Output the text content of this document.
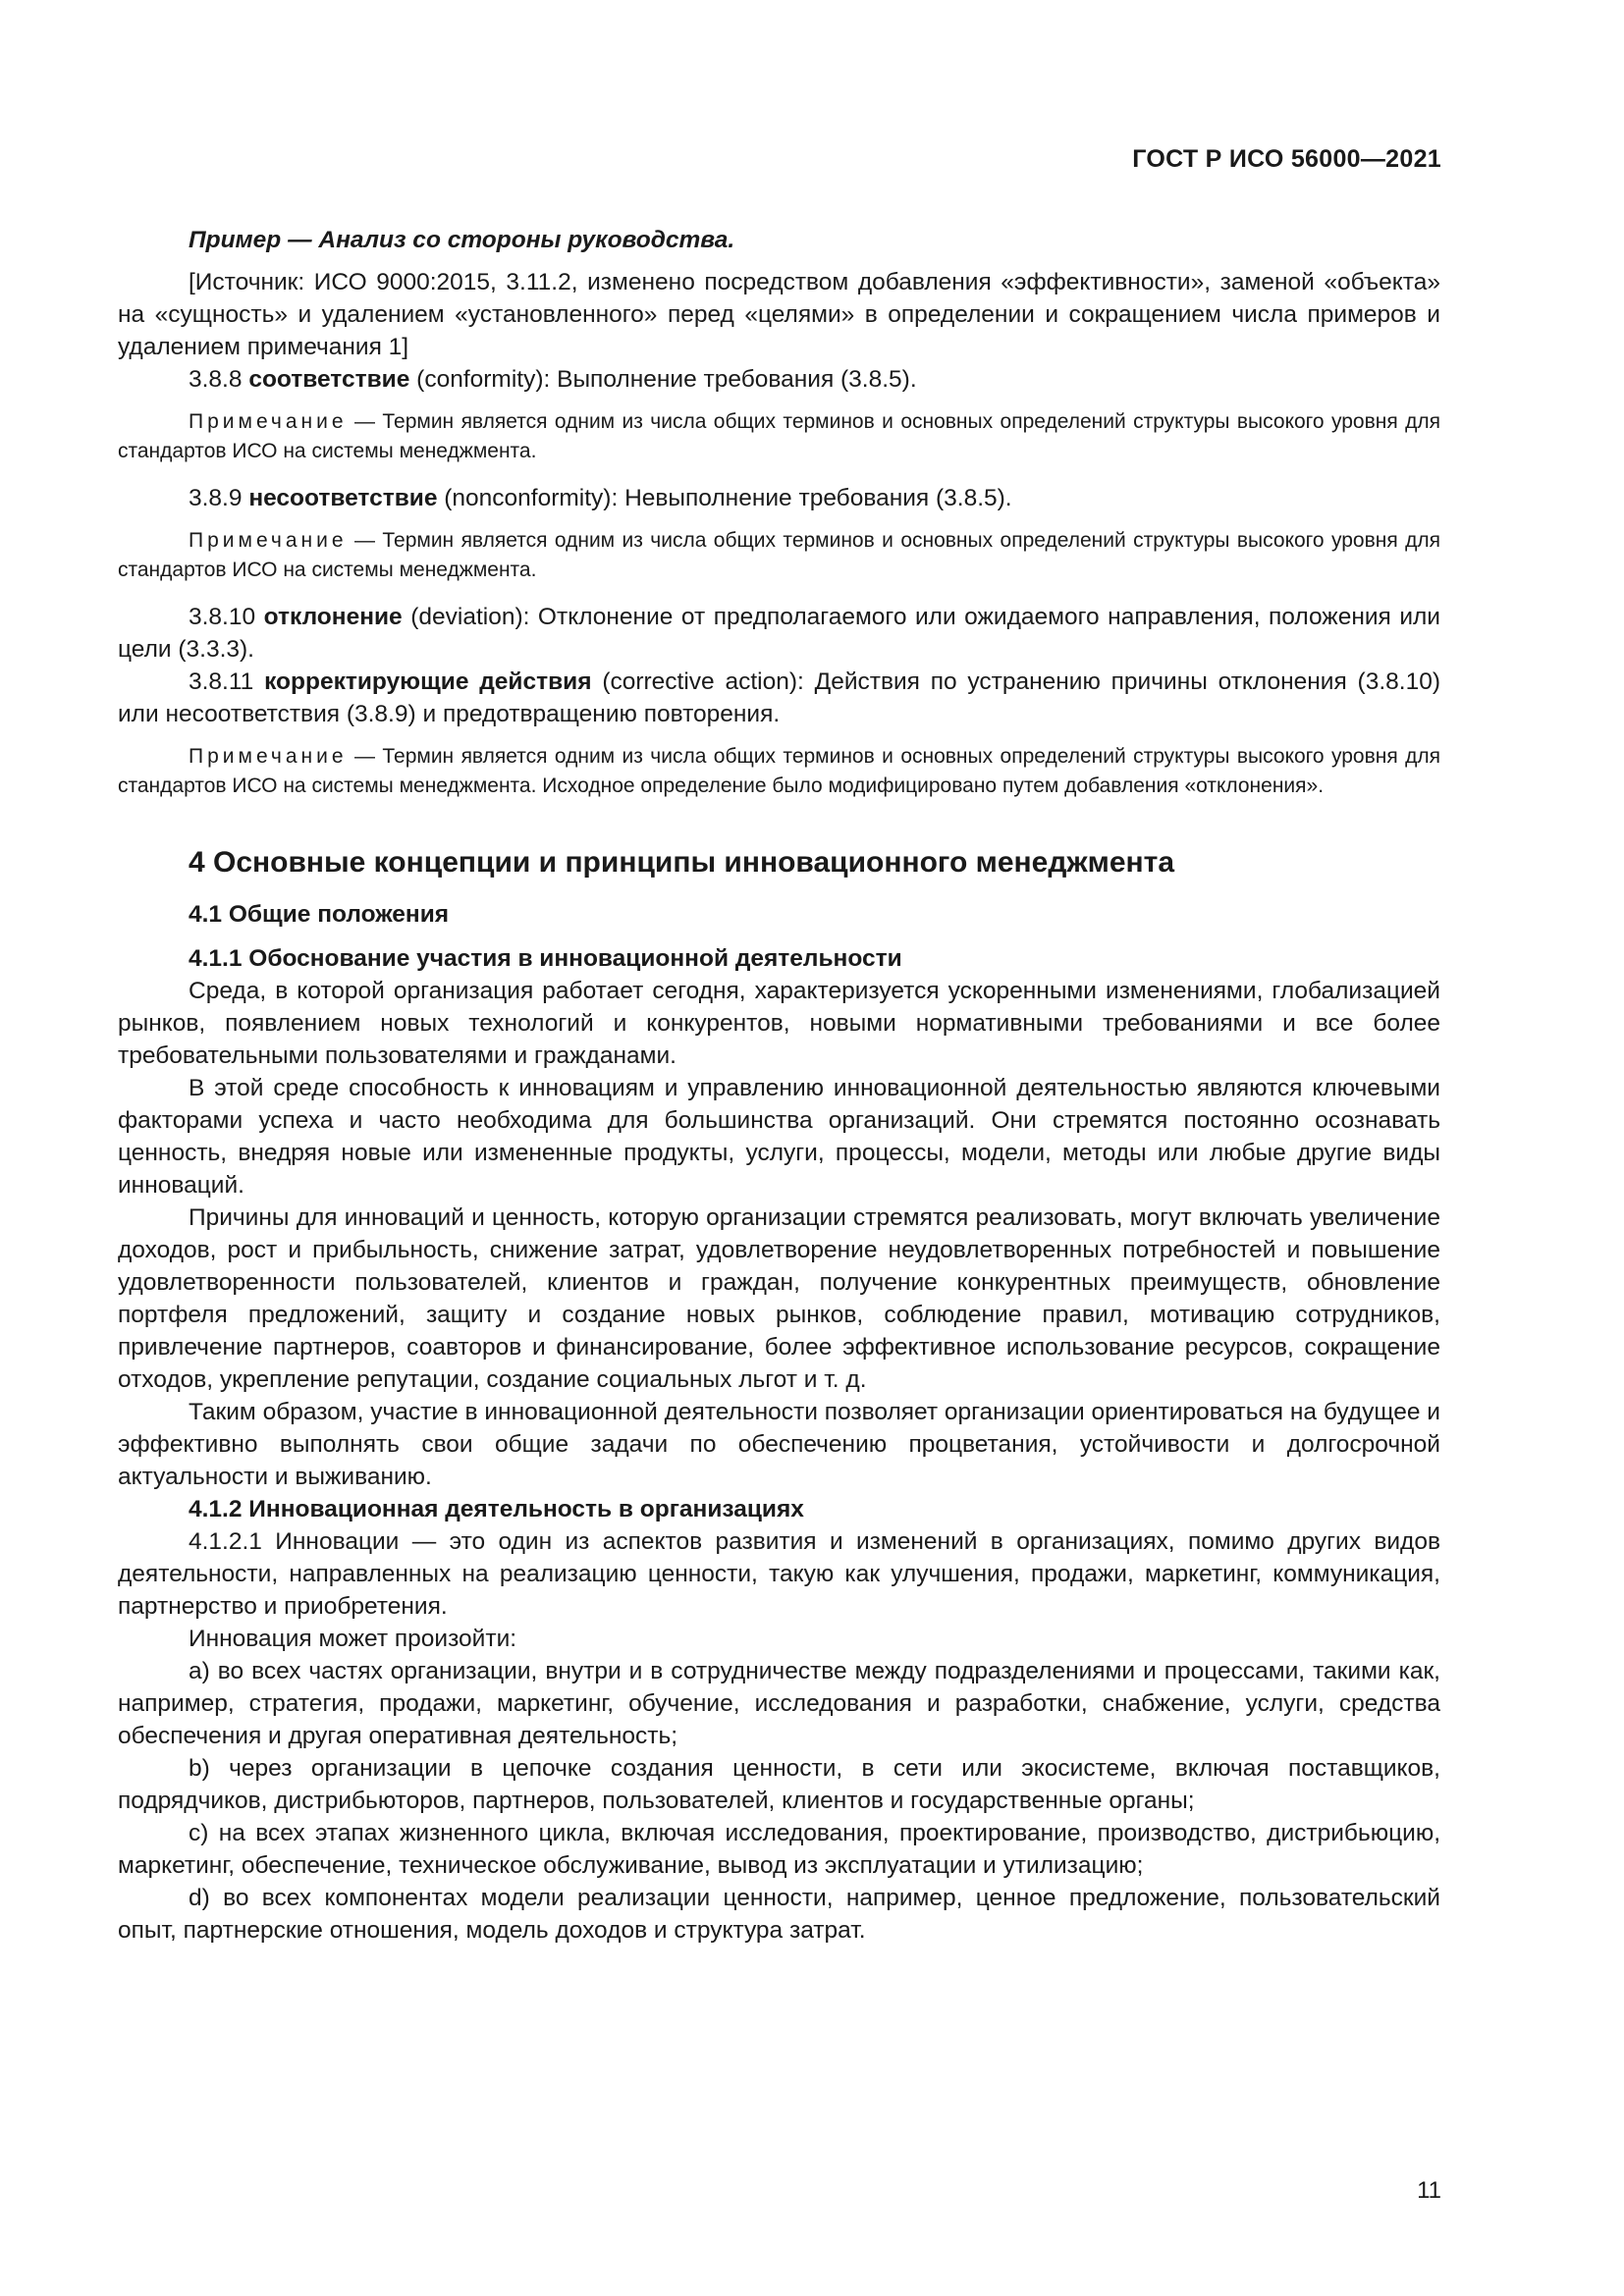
ГОСТ Р ИСО 56000—2021

Пример — Анализ со стороны руководства.

[Источник: ИСО 9000:2015, 3.11.2, изменено посредством добавления «эффективности», заменой «объекта» на «сущность» и удалением «установленного» перед «целями» в определении и сокращением числа примеров и удалением примечания 1]

3.8.8 соответствие (conformity): Выполнение требования (3.8.5).

Примечание — Термин является одним из числа общих терминов и основных определений структуры высокого уровня для стандартов ИСО на системы менеджмента.

3.8.9 несоответствие (nonconformity): Невыполнение требования (3.8.5).

Примечание — Термин является одним из числа общих терминов и основных определений структуры высокого уровня для стандартов ИСО на системы менеджмента.

3.8.10 отклонение (deviation): Отклонение от предполагаемого или ожидаемого направления, положения или цели (3.3.3).

3.8.11 корректирующие действия (corrective action): Действия по устранению причины отклонения (3.8.10) или несоответствия (3.8.9) и предотвращению повторения.

Примечание — Термин является одним из числа общих терминов и основных определений структуры высокого уровня для стандартов ИСО на системы менеджмента. Исходное определение было модифицировано путем добавления «отклонения».

4 Основные концепции и принципы инновационного менеджмента
4.1 Общие положения
4.1.1 Обоснование участия в инновационной деятельности

Среда, в которой организация работает сегодня, характеризуется ускоренными изменениями, глобализацией рынков, появлением новых технологий и конкурентов, новыми нормативными требованиями и все более требовательными пользователями и гражданами.

В этой среде способность к инновациям и управлению инновационной деятельностью являются ключевыми факторами успеха и часто необходима для большинства организаций. Они стремятся постоянно осознавать ценность, внедряя новые или измененные продукты, услуги, процессы, модели, методы или любые другие виды инноваций.

Причины для инноваций и ценность, которую организации стремятся реализовать, могут включать увеличение доходов, рост и прибыльность, снижение затрат, удовлетворение неудовлетворенных потребностей и повышение удовлетворенности пользователей, клиентов и граждан, получение конкурентных преимуществ, обновление портфеля предложений, защиту и создание новых рынков, соблюдение правил, мотивацию сотрудников, привлечение партнеров, соавторов и финансирование, более эффективное использование ресурсов, сокращение отходов, укрепление репутации, создание социальных льгот и т. д.

Таким образом, участие в инновационной деятельности позволяет организации ориентироваться на будущее и эффективно выполнять свои общие задачи по обеспечению процветания, устойчивости и долгосрочной актуальности и выживанию.

4.1.2 Инновационная деятельность в организациях

4.1.2.1 Инновации — это один из аспектов развития и изменений в организациях, помимо других видов деятельности, направленных на реализацию ценности, такую как улучшения, продажи, маркетинг, коммуникация, партнерство и приобретения.

Инновация может произойти:

a) во всех частях организации, внутри и в сотрудничестве между подразделениями и процессами, такими как, например, стратегия, продажи, маркетинг, обучение, исследования и разработки, снабжение, услуги, средства обеспечения и другая оперативная деятельность;

b) через организации в цепочке создания ценности, в сети или экосистеме, включая поставщиков, подрядчиков, дистрибьюторов, партнеров, пользователей, клиентов и государственные органы;

c) на всех этапах жизненного цикла, включая исследования, проектирование, производство, дистрибьюцию, маркетинг, обеспечение, техническое обслуживание, вывод из эксплуатации и утилизацию;

d) во всех компонентах модели реализации ценности, например, ценное предложение, пользовательский опыт, партнерские отношения, модель доходов и структура затрат.

11
